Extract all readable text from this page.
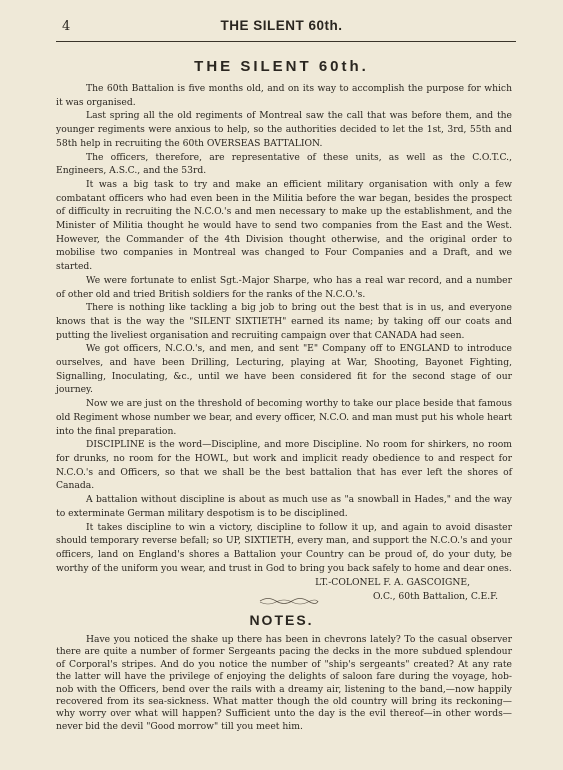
4	THE SILENT 60th.
THE SILENT 60th.

The 60th Battalion is five months old, and on its way to accomplish the purpose for which it was organised.

Last spring all the old regiments of Montreal saw the call that was before them, and the younger regiments were anxious to help, so the authorities decided to let the 1st, 3rd, 55th and 58th help in recruiting the 60th OVERSEAS BATTALION.

The officers, therefore, are representative of these units, as well as the C.O.T.C., Engineers, A.S.C., and the 53rd.

It was a big task to try and make an efficient military organisation with only a few combatant officers who had even been in the Militia before the war began, besides the prospect of difficulty in recruiting the N.C.O.'s and men necessary to make up the establishment, and the Minister of Militia thought he would have to send two companies from the East and the West. However, the Commander of the 4th Division thought otherwise, and the original order to mobilise two companies in Montreal was changed to Four Companies and a Draft, and we started.

We were fortunate to enlist Sgt.-Major Sharpe, who has a real war record, and a number of other old and tried British soldiers for the ranks of the N.C.O.'s.

There is nothing like tackling a big job to bring out the best that is in us, and everyone knows that is the way the "SILENT SIXTIETH" earned its name; by taking off our coats and putting the liveliest organisation and recruiting campaign over that CANADA had seen.

We got officers, N.C.O.'s, and men, and sent "E" Company off to ENGLAND to introduce ourselves, and have been Drilling, Lecturing, playing at War, Shooting, Bayonet Fighting, Signalling, Inoculating, &c., until we have been considered fit for the second stage of our journey.

Now we are just on the threshold of becoming worthy to take our place beside that famous old Regiment whose number we bear, and every officer, N.C.O. and man must put his whole heart into the final preparation.

DISCIPLINE is the word—Discipline, and more Discipline. No room for shirkers, no room for drunks, no room for the HOWL, but work and implicit ready obedience to and respect for N.C.O.'s and Officers, so that we shall be the best battalion that has ever left the shores of Canada.

A battalion without discipline is about as much use as "a snowball in Hades," and the way to exterminate German military despotism is to be disciplined.

It takes discipline to win a victory, discipline to follow it up, and again to avoid disaster should temporary reverse befall; so UP, SIXTIETH, every man, and support the N.C.O.'s and your officers, land on England's shores a Battalion your Country can be proud of, do your duty, be worthy of the uniform you wear, and trust in God to bring you back safely to home and dear ones.

LT.-COLONEL F. A. GASCOIGNE,
O.C., 60th Battalion, C.E.F.
NOTES.

Have you noticed the shake up there has been in chevrons lately? To the casual observer there are quite a number of former Sergeants pacing the decks in the more subdued splendour of Corporal's stripes. And do you notice the number of "ship's sergeants" created? At any rate the latter will have the privilege of enjoying the delights of saloon fare during the voyage, hob-nob with the Officers, bend over the rails with a dreamy air, listening to the band,—now happily recovered from its sea-sickness. What matter though the old country will bring its reckoning—why worry over what will happen? Sufficient unto the day is the evil thereof—in other words—never bid the devil "Good morrow" till you meet him.
